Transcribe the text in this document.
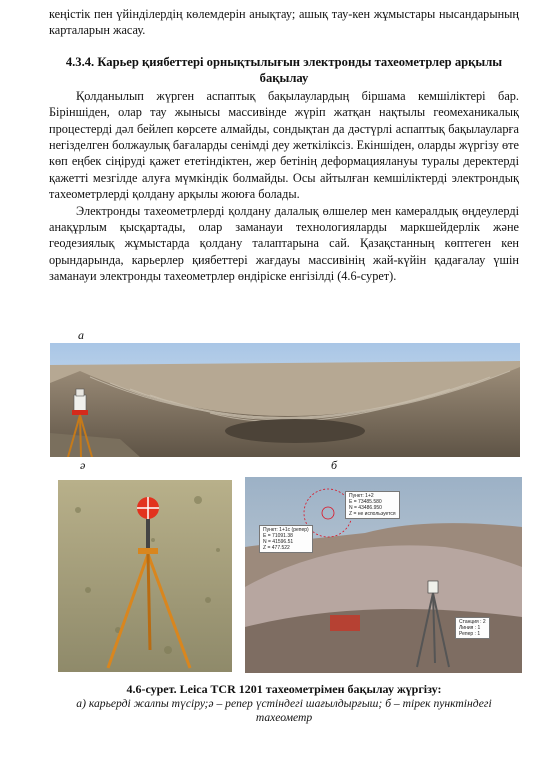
кеңістік пен үйінділердің көлемдерін анықтау; ашық тау-кен жұмыстары нысандарының карталарын жасау.

4.3.4. Карьер қиябеттері орнықтылығын электронды тахеометрлер арқылы бақылау

Қолданылып жүрген аспаптық бақылаулардың біршама кемшіліктері бар. Біріншіден, олар тау жынысы массивінде жүріп жатқан нақтылы геомеханикалық процестерді дәл бейлеп көрсете алмайды, сондықтан да дәстүрлі аспаптық бақылауларға негізделген болжаулық бағаларды сенімді деу жеткіліксіз. Екіншіден, оларды жүргізу өте көп еңбек сіңіруді қажет ететіндіктен, жер бетінің деформациялануы туралы деректерді қажетті мезгілде алуға мүмкіндік болмайды. Осы айтылған кемшіліктерді электрондық тахеометрлерді қолдану арқылы жоюға болады.

Электронды тахеометрлерді қолдану далалық өлшелер мен камералдық өңдеулерді анақұрлым қысқартады, олар заманауи технологияларды маркшейдерлік және геодезиялық жұмыстарда қолдану талаптарына сай. Қазақстанның көптеген кен орындарында, карьерлер қиябеттері жағдауы массивінің жай-күйін қадағалау үшін заманауи электронды тахеометрлер өндіріске енгізілді (4.6-сурет).

а
ә	б
Пункт: 1+2
E = 73485.580
N = 43486.950
Z = не используется
Пункт: 1+1с (репер)
E = 71091.38
N = 41596.51
Z = 477.522
Станция : 2
Линия : 1
Репер : 1
4.6-сурет. Leica TCR 1201 тахеометрімен бақылау жүргізу:
а) карьерді жалпы түсіру;ә – репер үстіндегі шағылдырғыш; б – тірек пунктіндегі тахеометр
